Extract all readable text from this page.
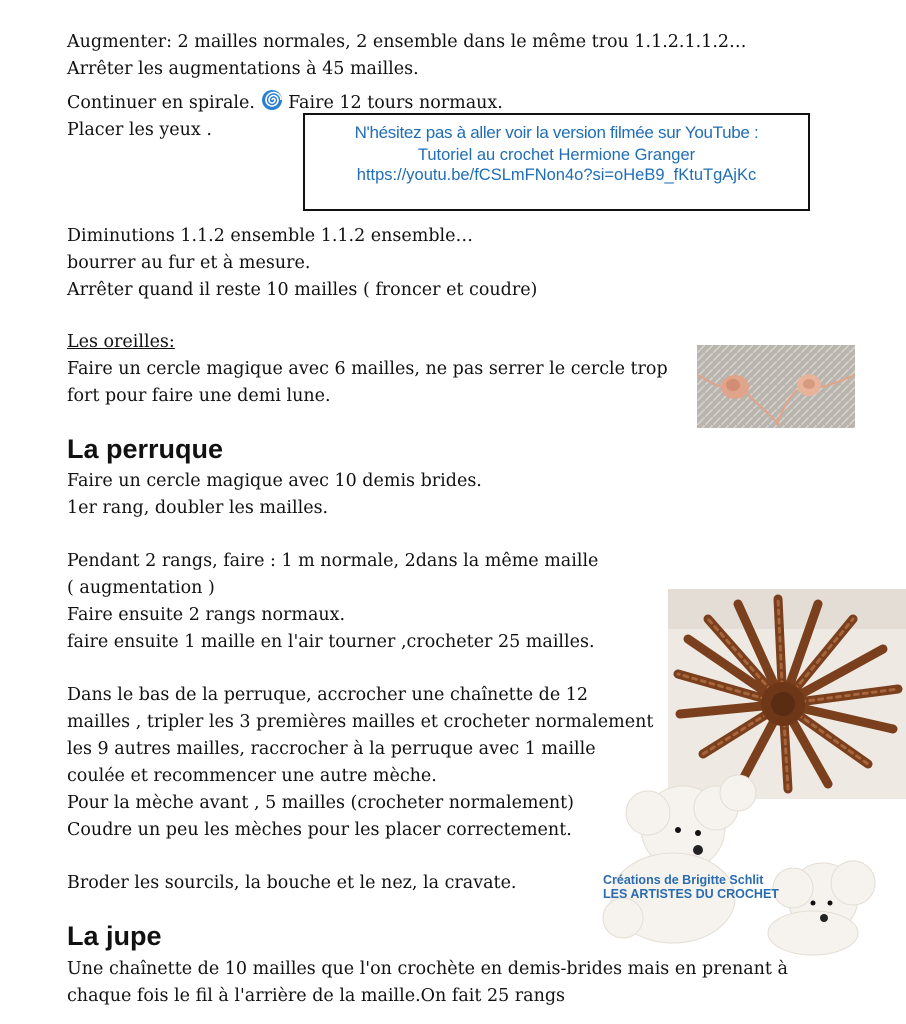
Augmenter: 2 mailles normales, 2 ensemble dans le même trou 1.1.2.1.1.2…
Arrêter les augmentations à 45 mailles.
Continuer en spirale. Faire 12 tours normaux.
Placer les yeux .	N'hésitez pas à aller voir la version filmée sur YouTube :
Tutoriel au crochet Hermione Granger
https://youtu.be/fCSLmFNon4o?si=oHeB9_fKtuTgAjKc
Diminutions 1.1.2 ensemble 1.1.2 ensemble…
bourrer au fur et à mesure.
Arrêter quand il reste 10 mailles ( froncer et coudre)
Les oreilles:
Faire un cercle magique avec 6 mailles, ne pas serrer le cercle trop
fort pour faire une demi lune.
La perruque
Faire un cercle magique avec 10 demis brides.
1er rang, doubler les mailles.
Pendant 2 rangs, faire : 1 m normale, 2dans la même maille
( augmentation )
Faire ensuite 2 rangs normaux.
faire ensuite 1 maille en l'air tourner ,crocheter 25 mailles.
Dans le bas de la perruque, accrocher une chaînette de 12
mailles , tripler les 3 premières mailles et crocheter normalement
les 9 autres mailles, raccrocher à la perruque avec 1 maille
coulée et recommencer une autre mèche.
Pour la mèche avant , 5 mailles (crocheter normalement)
Coudre un peu les mèches pour les placer correctement.
Broder les sourcils, la bouche et le nez, la cravate.	Créations de Brigitte Schlit
LES ARTISTES DU CROCHET
La jupe
Une chaînette de 10 mailles que l'on crochète en demis-brides mais en prenant à
chaque fois le fil à l'arrière de la maille.On fait 25 rangs
